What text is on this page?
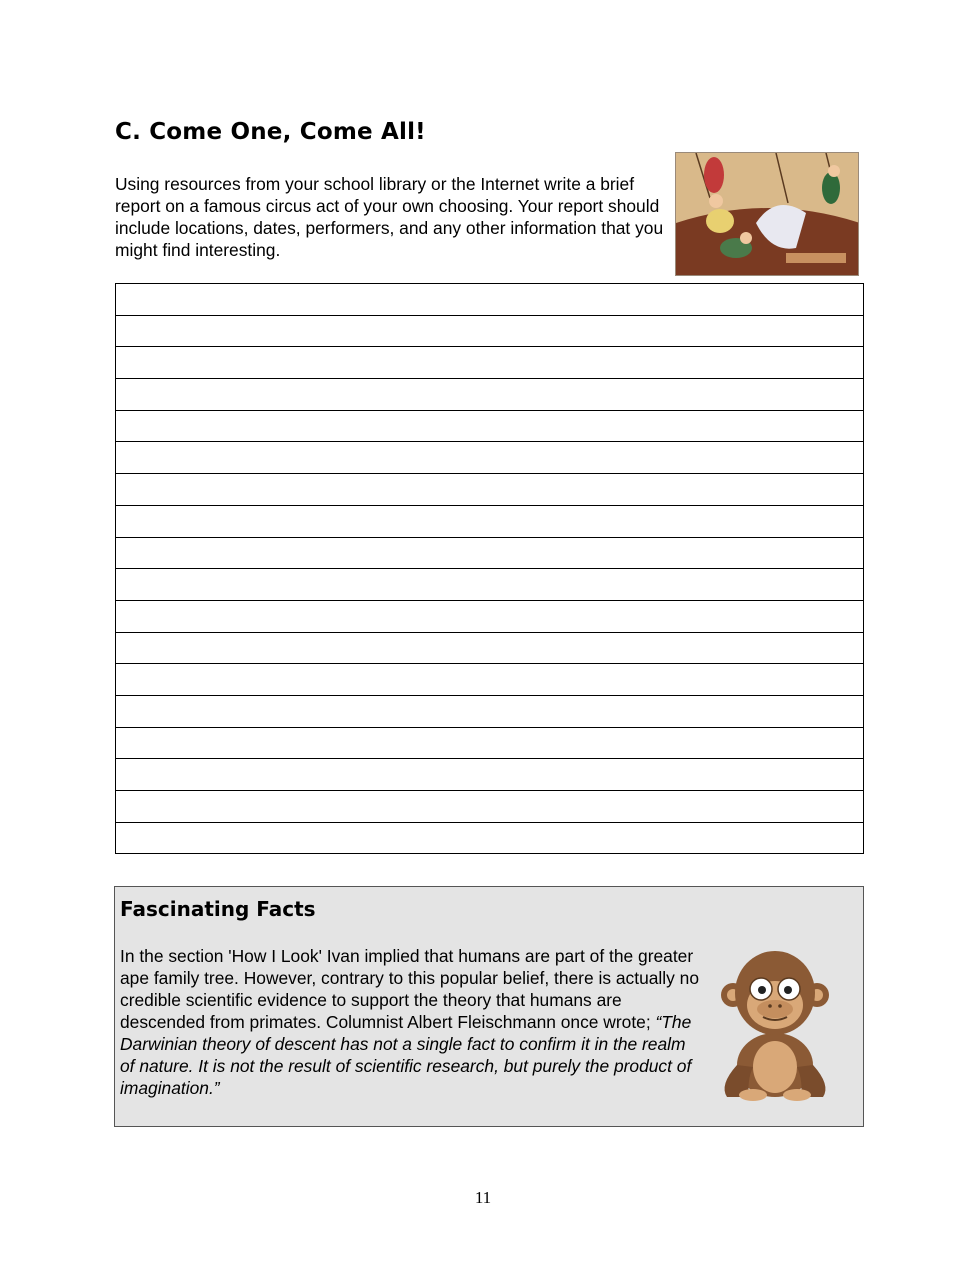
C. Come One, Come All!

Using resources from your school library or the Internet write a brief report on a famous circus act of your own choosing. Your report should include locations, dates, performers, and any other information that you might find interesting.

Fascinating Facts

In the section 'How I Look' Ivan implied that humans are part of the greater ape family tree. However, contrary to this popular belief, there is actually no credible scientific evidence to support the theory that humans are descended from primates. Columnist Albert Fleischmann once wrote; “The Darwinian theory of descent has not a single fact to confirm it in the realm of nature. It is not the result of scientific research, but purely the product of imagination.”

11
